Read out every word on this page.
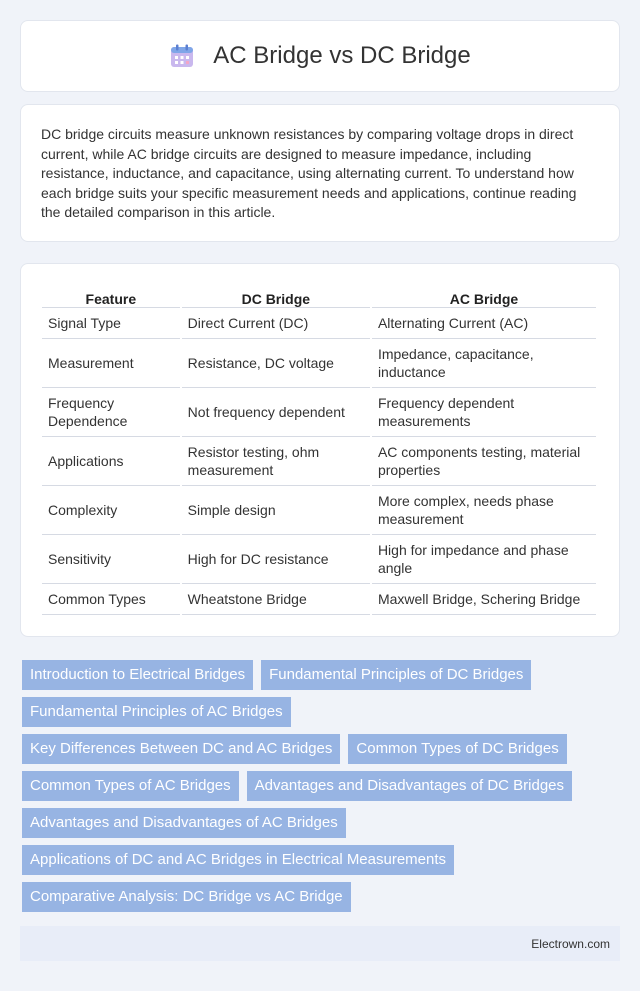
AC Bridge vs DC Bridge

DC bridge circuits measure unknown resistances by comparing voltage drops in direct current, while AC bridge circuits are designed to measure impedance, including resistance, inductance, and capacitance, using alternating current. To understand how each bridge suits your specific measurement needs and applications, continue reading the detailed comparison in this article.

Feature	DC Bridge	AC Bridge
Signal Type	Direct Current (DC)	Alternating Current (AC)
Measurement	Resistance, DC voltage	Impedance, capacitance, inductance
Frequency Dependence	Not frequency dependent	Frequency dependent measurements
Applications	Resistor testing, ohm measurement	AC components testing, material properties
Complexity	Simple design	More complex, needs phase measurement
Sensitivity	High for DC resistance	High for impedance and phase angle
Common Types	Wheatstone Bridge	Maxwell Bridge, Schering Bridge
Introduction to Electrical Bridges	Fundamental Principles of DC Bridges
Fundamental Principles of AC Bridges
Key Differences Between DC and AC Bridges	Common Types of DC Bridges
Common Types of AC Bridges	Advantages and Disadvantages of DC Bridges
Advantages and Disadvantages of AC Bridges
Applications of DC and AC Bridges in Electrical Measurements
Comparative Analysis: DC Bridge vs AC Bridge
Electrown.com
